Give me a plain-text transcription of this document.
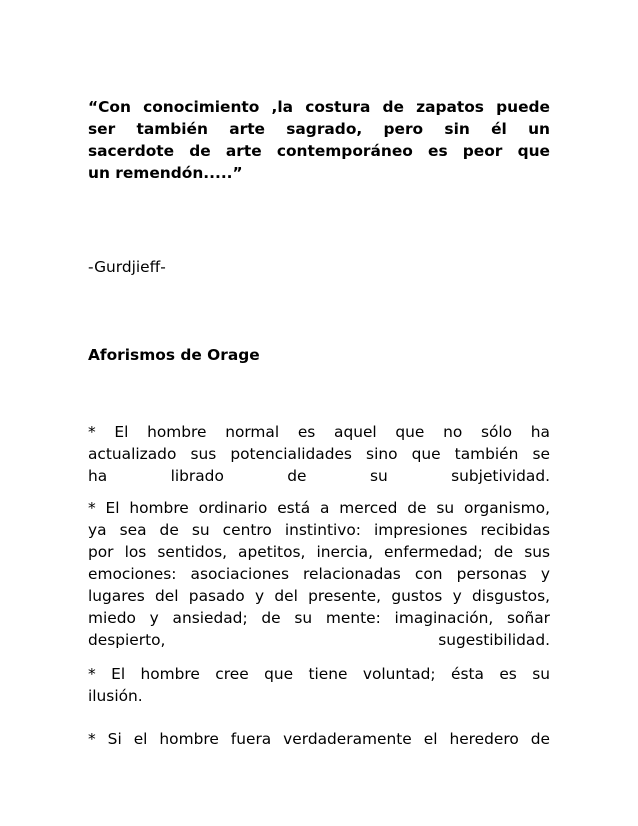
“Con conocimiento ,la costura de zapatos puede
ser también arte sagrado, pero sin él un
sacerdote de arte contemporáneo es peor que
un remendón.....”

-Gurdjieff-

Aforismos de Orage

* El hombre normal es aquel que no sólo ha
actualizado sus potencialidades sino que también se
ha librado de su subjetividad.

* El hombre ordinario está a merced de su organismo,
ya sea de su centro instintivo: impresiones recibidas
por los sentidos, apetitos, inercia, enfermedad; de sus
emociones: asociaciones relacionadas con personas y
lugares del pasado y del presente, gustos y disgustos,
miedo y ansiedad; de su mente: imaginación, soñar
despierto, sugestibilidad.

* El hombre cree que tiene voluntad; ésta es su
ilusión.

* Si el hombre fuera verdaderamente el heredero de
